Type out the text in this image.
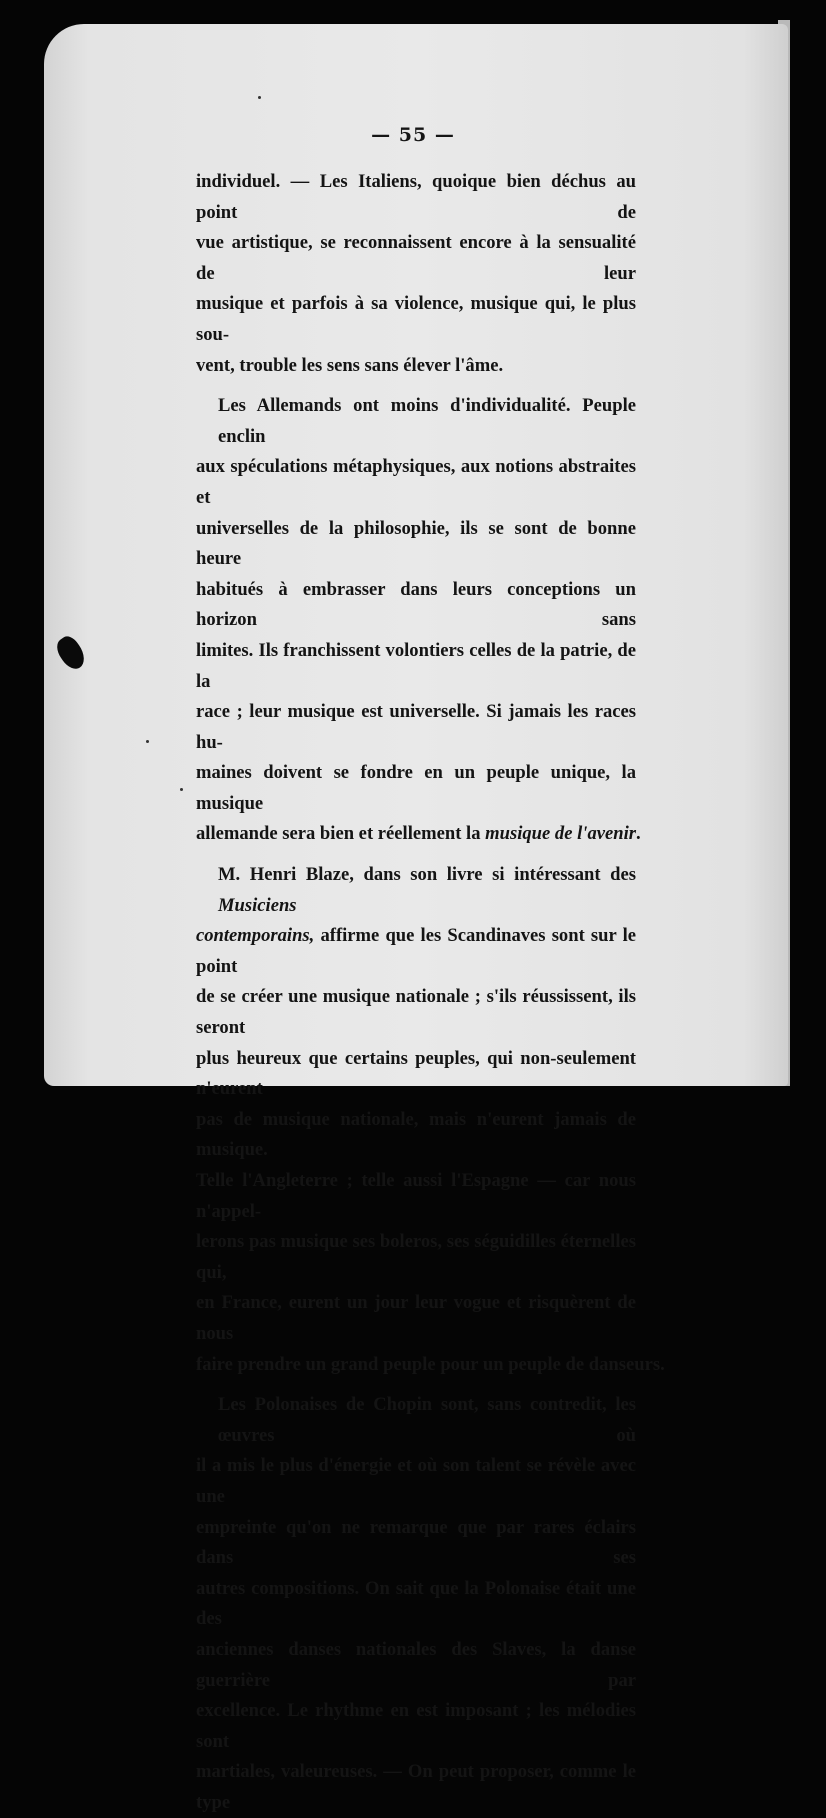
— 55 —
individuel. — Les Italiens, quoique bien déchus au point de
vue artistique, se reconnaissent encore à la sensualité de leur
musique et parfois à sa violence, musique qui, le plus sou-
vent, trouble les sens sans élever l'âme.
Les Allemands ont moins d'individualité. Peuple enclin
aux spéculations métaphysiques, aux notions abstraites et
universelles de la philosophie, ils se sont de bonne heure
habitués à embrasser dans leurs conceptions un horizon sans
limites. Ils franchissent volontiers celles de la patrie, de la
race ; leur musique est universelle. Si jamais les races hu-
maines doivent se fondre en un peuple unique, la musique
allemande sera bien et réellement la musique de l'avenir.
M. Henri Blaze, dans son livre si intéressant des Musiciens
contemporains, affirme que les Scandinaves sont sur le point
de se créer une musique nationale ; s'ils réussissent, ils seront
plus heureux que certains peuples, qui non-seulement n'eurent
pas de musique nationale, mais n'eurent jamais de musique.
Telle l'Angleterre ; telle aussi l'Espagne — car nous n'appel-
lerons pas musique ses boleros, ses séguidilles éternelles qui,
en France, eurent un jour leur vogue et risquèrent de nous
faire prendre un grand peuple pour un peuple de danseurs.
Les Polonaises de Chopin sont, sans contredit, les œuvres où
il a mis le plus d'énergie et où son talent se révèle avec une
empreinte qu'on ne remarque que par rares éclairs dans ses
autres compositions. On sait que la Polonaise était une des
anciennes danses nationales des Slaves, la danse guerrière par
excellence. Le rhythme en est imposant ; les mélodies sont
martiales, valeureuses. — On peut proposer, comme le type
